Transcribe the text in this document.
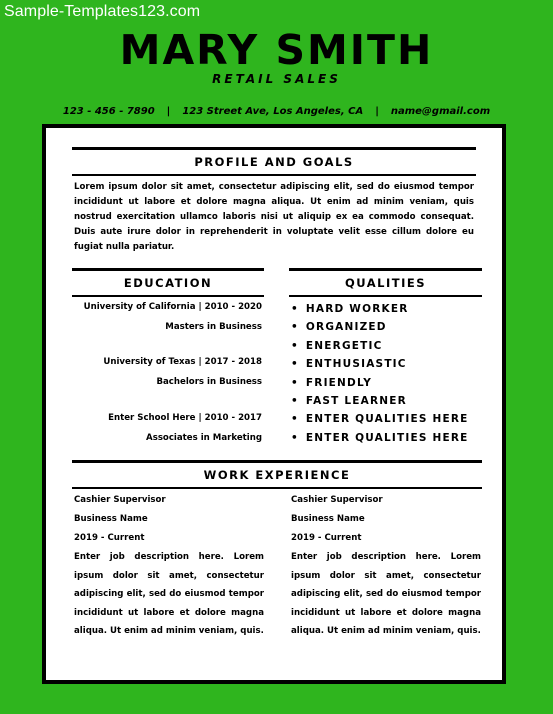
Sample-Templates123.com
MARY SMITH
RETAIL SALES
123 - 456 - 7890 | 123 Street Ave, Los Angeles, CA | name@gmail.com
PROFILE AND GOALS
Lorem ipsum dolor sit amet, consectetur adipiscing elit, sed do eiusmod tempor incididunt ut labore et dolore magna aliqua. Ut enim ad minim veniam, quis nostrud exercitation ullamco laboris nisi ut aliquip ex ea commodo consequat. Duis aute irure dolor in reprehenderit in voluptate velit esse cillum dolore eu fugiat nulla pariatur.
EDUCATION
University of California | 2010 - 2020
Masters in Business
University of Texas | 2017 - 2018
Bachelors in Business
Enter School Here | 2010 - 2017
Associates in Marketing
QUALITIES
• HARD WORKER
• ORGANIZED
• ENERGETIC
• ENTHUSIASTIC
• FRIENDLY
• FAST LEARNER
• ENTER QUALITIES HERE
• ENTER QUALITIES HERE
WORK EXPERIENCE
Cashier Supervisor
Business Name
2019 - Current
Enter job description here. Lorem ipsum dolor sit amet, consectetur adipiscing elit, sed do eiusmod tempor incididunt ut labore et dolore magna aliqua. Ut enim ad minim veniam, quis.
Cashier Supervisor
Business Name
2019 - Current
Enter job description here. Lorem ipsum dolor sit amet, consectetur adipiscing elit, sed do eiusmod tempor incididunt ut labore et dolore magna aliqua. Ut enim ad minim veniam, quis.
